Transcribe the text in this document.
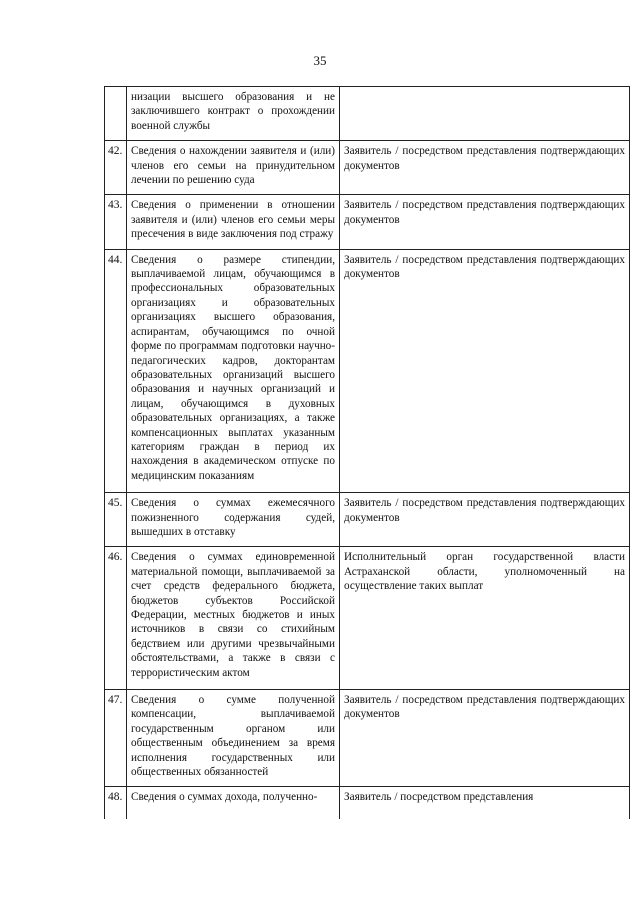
35
	низации высшего образования и не заключившего контракт о прохождении военной службы	
42.	Сведения о нахождении заявителя и (или) членов его семьи на принудительном лечении по решению суда	Заявитель / посредством представления подтверждающих документов
43.	Сведения о применении в отношении заявителя и (или) членов его семьи меры пресечения в виде заключения под стражу	Заявитель / посредством представления подтверждающих документов
44.	Сведения о размере стипендии, выплачиваемой лицам, обучающимся в профессиональных образовательных организациях и образовательных организациях высшего образования, аспирантам, обучающимся по очной форме по программам подготовки научно-педагогических кадров, докторантам образовательных организаций высшего образования и научных организаций и лицам, обучающимся в духовных образовательных организациях, а также компенсационных выплатах указанным категориям граждан в период их нахождения в академическом отпуске по медицинским показаниям	Заявитель / посредством представления подтверждающих документов
45.	Сведения о суммах ежемесячного пожизненного содержания судей, вышедших в отставку	Заявитель / посредством представления подтверждающих документов
46.	Сведения о суммах единовременной материальной помощи, выплачиваемой за счет средств федерального бюджета, бюджетов субъектов Российской Федерации, местных бюджетов и иных источников в связи со стихийным бедствием или другими чрезвычайными обстоятельствами, а также в связи с террористическим актом	Исполнительный орган государственной власти Астраханской области, уполномоченный на осуществление таких выплат
47.	Сведения о сумме полученной компенсации, выплачиваемой государственным органом или общественным объединением за время исполнения государственных или общественных обязанностей	Заявитель / посредством представления подтверждающих документов
48.	Сведения о суммах дохода, полученно-	Заявитель / посредством представления
